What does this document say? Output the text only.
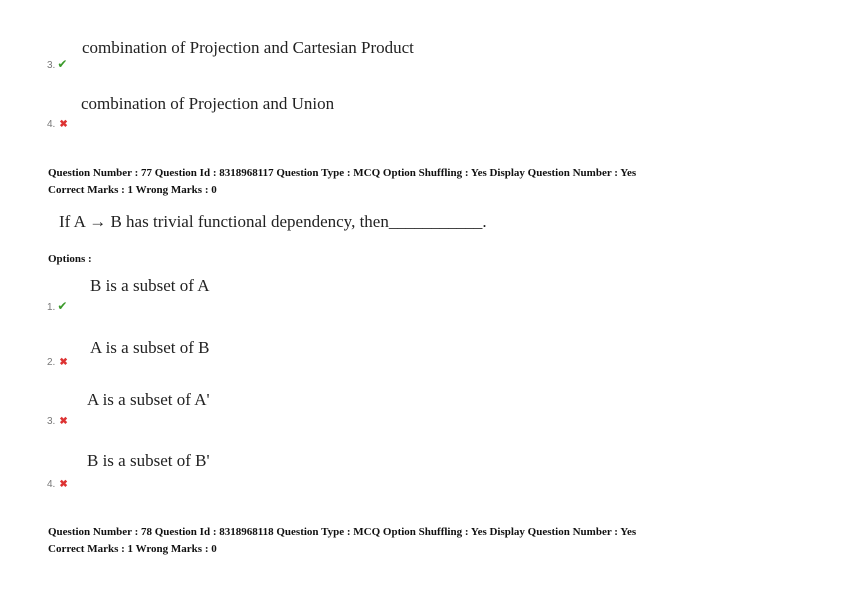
combination of Projection and Cartesian Product
3. ✔
combination of Projection and Union
4. ✖
Question Number : 77 Question Id : 8318968117 Question Type : MCQ Option Shuffling : Yes Display Question Number : Yes
Correct Marks : 1 Wrong Marks : 0
If A → B has trivial functional dependency, then___________.
Options :
B is a subset of A
1. ✔
A is a subset of B
2. ✖
A is a subset of A'
3. ✖
B is a subset of B'
4. ✖
Question Number : 78 Question Id : 8318968118 Question Type : MCQ Option Shuffling : Yes Display Question Number : Yes
Correct Marks : 1 Wrong Marks : 0
